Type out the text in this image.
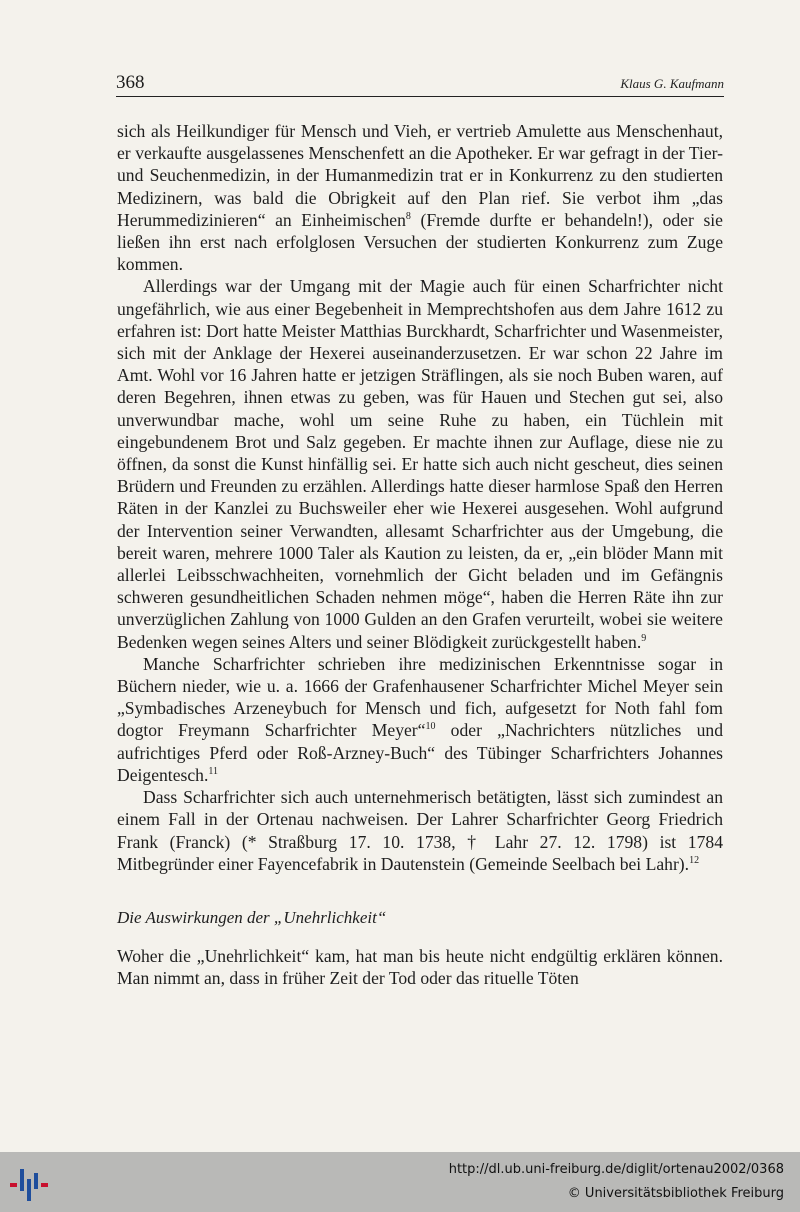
368	Klaus G. Kaufmann

sich als Heilkundiger für Mensch und Vieh, er vertrieb Amulette aus Menschenhaut, er verkaufte ausgelassenes Menschenfett an die Apotheker. Er war gefragt in der Tier- und Seuchenmedizin, in der Humanmedizin trat er in Konkurrenz zu den studierten Medizinern, was bald die Obrigkeit auf den Plan rief. Sie verbot ihm „das Herummedizinieren“ an Einheimischen$^8$ (Fremde durfte er behandeln!), oder sie ließen ihn erst nach erfolglosen Versuchen der studierten Konkurrenz zum Zuge kommen.

Allerdings war der Umgang mit der Magie auch für einen Scharfrichter nicht ungefährlich, wie aus einer Begebenheit in Memprechtshofen aus dem Jahre 1612 zu erfahren ist: Dort hatte Meister Matthias Burckhardt, Scharfrichter und Wasenmeister, sich mit der Anklage der Hexerei auseinanderzusetzen. Er war schon 22 Jahre im Amt. Wohl vor 16 Jahren hatte er jetzigen Sträflingen, als sie noch Buben waren, auf deren Begehren, ihnen etwas zu geben, was für Hauen und Stechen gut sei, also unverwundbar mache, wohl um seine Ruhe zu haben, ein Tüchlein mit eingebundenem Brot und Salz gegeben. Er machte ihnen zur Auflage, diese nie zu öffnen, da sonst die Kunst hinfällig sei. Er hatte sich auch nicht gescheut, dies seinen Brüdern und Freunden zu erzählen. Allerdings hatte dieser harmlose Spaß den Herren Räten in der Kanzlei zu Buchsweiler eher wie Hexerei ausgesehen. Wohl aufgrund der Intervention seiner Verwandten, allesamt Scharfrichter aus der Umgebung, die bereit waren, mehrere 1000 Taler als Kaution zu leisten, da er, „ein blöder Mann mit allerlei Leibsschwachheiten, vornehmlich der Gicht beladen und im Gefängnis schweren gesundheitlichen Schaden nehmen möge“, haben die Herren Räte ihn zur unverzüglichen Zahlung von 1000 Gulden an den Grafen verurteilt, wobei sie weitere Bedenken wegen seines Alters und seiner Blödigkeit zurückgestellt haben.$^9$

Manche Scharfrichter schrieben ihre medizinischen Erkenntnisse sogar in Büchern nieder, wie u. a. 1666 der Grafenhausener Scharfrichter Michel Meyer sein „Symbadisches Arzeneybuch for Mensch und fich, aufgesetzt for Noth fahl fom dogtor Freymann Scharfrichter Meyer“$^{10}$ oder „Nachrichters nützliches und aufrichtiges Pferd oder Roß-Arzney-Buch“ des Tübinger Scharfrichters Johannes Deigentesch.$^{11}$

Dass Scharfrichter sich auch unternehmerisch betätigten, lässt sich zumindest an einem Fall in der Ortenau nachweisen. Der Lahrer Scharfrichter Georg Friedrich Frank (Franck) (* Straßburg 17. 10. 1738, † Lahr 27. 12. 1798) ist 1784 Mitbegründer einer Fayencefabrik in Dautenstein (Gemeinde Seelbach bei Lahr).$^{12}$

Die Auswirkungen der „Unehrlichkeit“

Woher die „Unehrlichkeit“ kam, hat man bis heute nicht endgültig erklären können. Man nimmt an, dass in früher Zeit der Tod oder das rituelle Töten

http://dl.ub.uni-freiburg.de/diglit/ortenau2002/0368
© Universitätsbibliothek Freiburg
